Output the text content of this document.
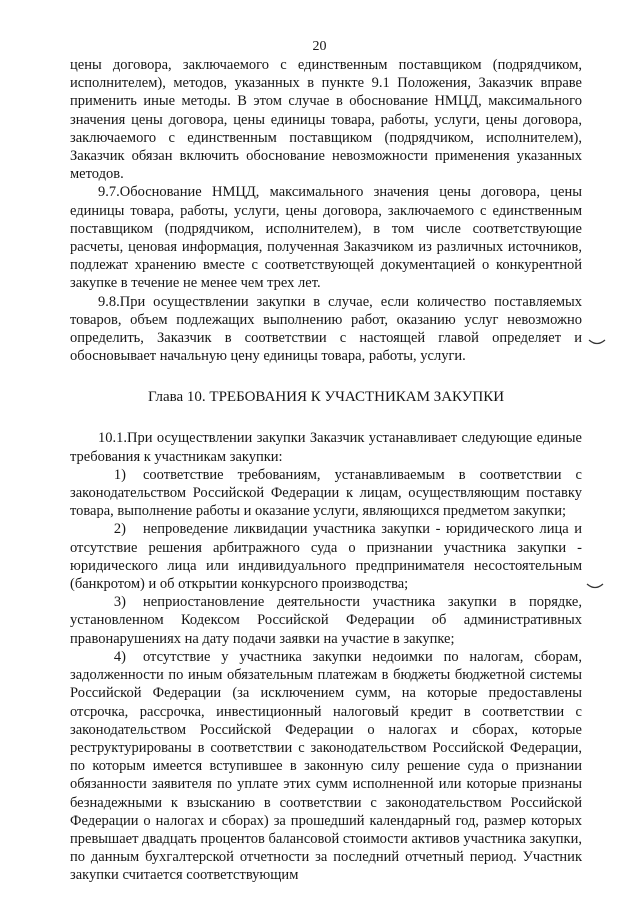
20

цены договора, заключаемого с единственным поставщиком (подрядчиком, исполнителем), методов, указанных в пункте 9.1 Положения, Заказчик вправе применить иные методы. В этом случае в обоснование НМЦД, максимального значения цены договора, цены единицы товара, работы, услуги, цены договора, заключаемого с единственным поставщиком (подрядчиком, исполнителем), Заказчик обязан включить обоснование невозможности применения указанных методов.

9.7.Обоснование НМЦД, максимального значения цены договора, цены единицы товара, работы, услуги, цены договора, заключаемого с единственным поставщиком (подрядчиком, исполнителем), в том числе соответствующие расчеты, ценовая информация, полученная Заказчиком из различных источников, подлежат хранению вместе с соответствующей документацией о конкурентной закупке в течение не менее чем трех лет.

9.8.При осуществлении закупки в случае, если количество поставляемых товаров, объем подлежащих выполнению работ, оказанию услуг невозможно определить, Заказчик в соответствии с настоящей главой определяет и обосновывает начальную цену единицы товара, работы, услуги.

Глава 10. ТРЕБОВАНИЯ К УЧАСТНИКАМ ЗАКУПКИ

10.1.При осуществлении закупки Заказчик устанавливает следующие единые требования к участникам закупки:

1) соответствие требованиям, устанавливаемым в соответствии с законодательством Российской Федерации к лицам, осуществляющим поставку товара, выполнение работы и оказание услуги, являющихся предметом закупки;

2) непроведение ликвидации участника закупки - юридического лица и отсутствие решения арбитражного суда о признании участника закупки - юридического лица или индивидуального предпринимателя несостоятельным (банкротом) и об открытии конкурсного производства;

3) неприостановление деятельности участника закупки в порядке, установленном Кодексом Российской Федерации об административных правонарушениях на дату подачи заявки на участие в закупке;

4) отсутствие у участника закупки недоимки по налогам, сборам, задолженности по иным обязательным платежам в бюджеты бюджетной системы Российской Федерации (за исключением сумм, на которые предоставлены отсрочка, рассрочка, инвестиционный налоговый кредит в соответствии с законодательством Российской Федерации о налогах и сборах, которые реструктурированы в соответствии с законодательством Российской Федерации, по которым имеется вступившее в законную силу решение суда о признании обязанности заявителя по уплате этих сумм исполненной или которые признаны безнадежными к взысканию в соответствии с законодательством Российской Федерации о налогах и сборах) за прошедший календарный год, размер которых превышает двадцать процентов балансовой стоимости активов участника закупки, по данным бухгалтерской отчетности за последний отчетный период. Участник закупки считается соответствующим
